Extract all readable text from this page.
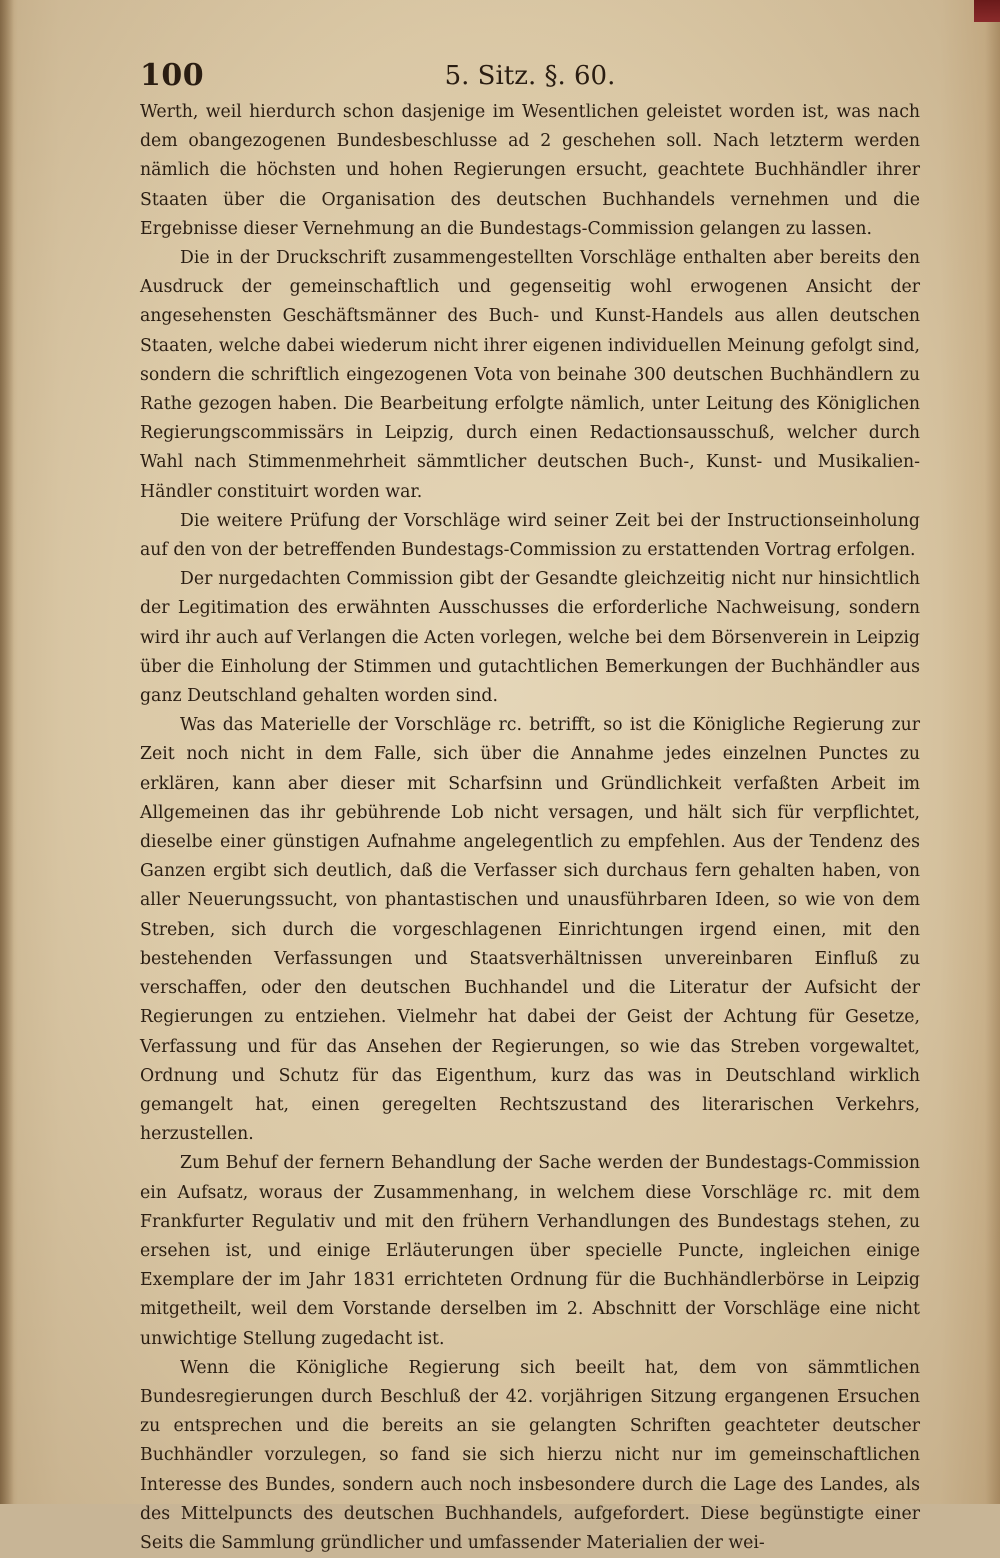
100	5. Sitz. §. 60.

Werth, weil hierdurch schon dasjenige im Wesentlichen geleistet worden ist, was nach dem obangezogenen Bundesbeschlusse ad 2 geschehen soll. Nach letzterm werden nämlich die höchsten und hohen Regierungen ersucht, geachtete Buchhändler ihrer Staaten über die Organisation des deutschen Buchhandels vernehmen und die Ergebnisse dieser Vernehmung an die Bundestags-Commission gelangen zu lassen.

Die in der Druckschrift zusammengestellten Vorschläge enthalten aber bereits den Ausdruck der gemeinschaftlich und gegenseitig wohl erwogenen Ansicht der angesehensten Geschäftsmänner des Buch- und Kunst-Handels aus allen deutschen Staaten, welche dabei wiederum nicht ihrer eigenen individuellen Meinung gefolgt sind, sondern die schriftlich eingezogenen Vota von beinahe 300 deutschen Buchhändlern zu Rathe gezogen haben. Die Bearbeitung erfolgte nämlich, unter Leitung des Königlichen Regierungscommissärs in Leipzig, durch einen Redactionsausschuß, welcher durch Wahl nach Stimmenmehrheit sämmtlicher deutschen Buch-, Kunst- und Musikalien-Händler constituirt worden war.

Die weitere Prüfung der Vorschläge wird seiner Zeit bei der Instructionseinholung auf den von der betreffenden Bundestags-Commission zu erstattenden Vortrag erfolgen.

Der nurgedachten Commission gibt der Gesandte gleichzeitig nicht nur hinsichtlich der Legitimation des erwähnten Ausschusses die erforderliche Nachweisung, sondern wird ihr auch auf Verlangen die Acten vorlegen, welche bei dem Börsenverein in Leipzig über die Einholung der Stimmen und gutachtlichen Bemerkungen der Buchhändler aus ganz Deutschland gehalten worden sind.

Was das Materielle der Vorschläge rc. betrifft, so ist die Königliche Regierung zur Zeit noch nicht in dem Falle, sich über die Annahme jedes einzelnen Punctes zu erklären, kann aber dieser mit Scharfsinn und Gründlichkeit verfaßten Arbeit im Allgemeinen das ihr gebührende Lob nicht versagen, und hält sich für verpflichtet, dieselbe einer günstigen Aufnahme angelegentlich zu empfehlen. Aus der Tendenz des Ganzen ergibt sich deutlich, daß die Verfasser sich durchaus fern gehalten haben, von aller Neuerungssucht, von phantastischen und unausführbaren Ideen, so wie von dem Streben, sich durch die vorgeschlagenen Einrichtungen irgend einen, mit den bestehenden Verfassungen und Staatsverhältnissen unvereinbaren Einfluß zu verschaffen, oder den deutschen Buchhandel und die Literatur der Aufsicht der Regierungen zu entziehen. Vielmehr hat dabei der Geist der Achtung für Gesetze, Verfassung und für das Ansehen der Regierungen, so wie das Streben vorgewaltet, Ordnung und Schutz für das Eigenthum, kurz das was in Deutschland wirklich gemangelt hat, einen geregelten Rechtszustand des literarischen Verkehrs, herzustellen.

Zum Behuf der fernern Behandlung der Sache werden der Bundestags-Commission ein Aufsatz, woraus der Zusammenhang, in welchem diese Vorschläge rc. mit dem Frankfurter Regulativ und mit den frühern Verhandlungen des Bundestags stehen, zu ersehen ist, und einige Erläuterungen über specielle Puncte, ingleichen einige Exemplare der im Jahr 1831 errichteten Ordnung für die Buchhändlerbörse in Leipzig mitgetheilt, weil dem Vorstande derselben im 2. Abschnitt der Vorschläge eine nicht unwichtige Stellung zugedacht ist.

Wenn die Königliche Regierung sich beeilt hat, dem von sämmtlichen Bundesregierungen durch Beschluß der 42. vorjährigen Sitzung ergangenen Ersuchen zu entsprechen und die bereits an sie gelangten Schriften geachteter deutscher Buchhändler vorzulegen, so fand sie sich hierzu nicht nur im gemeinschaftlichen Interesse des Bundes, sondern auch noch insbesondere durch die Lage des Landes, als des Mittelpuncts des deutschen Buchhandels, aufgefordert. Diese begünstigte einer Seits die Sammlung gründlicher und umfassender Materialien der wei-
